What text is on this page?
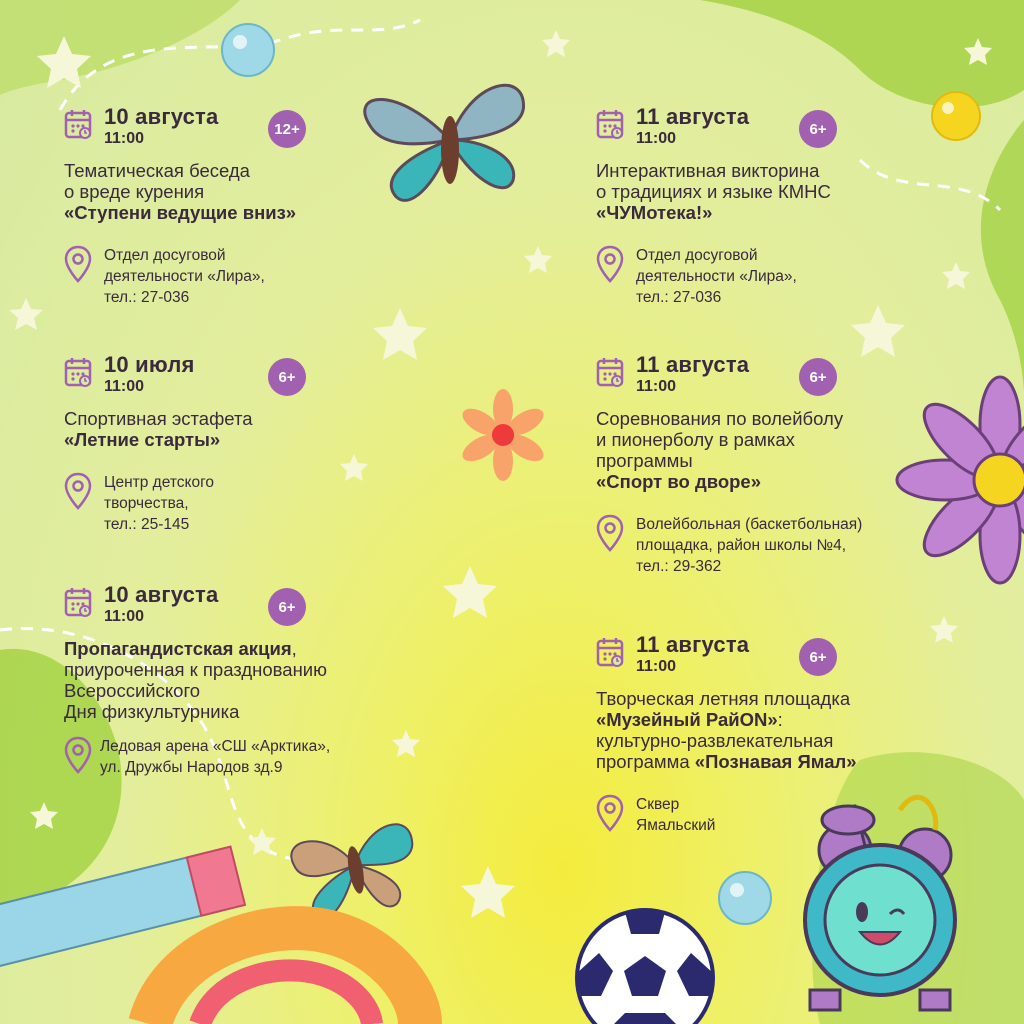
10 августа
11:00
12+
Тематическая беседа
о вреде курения
«Ступени ведущие вниз»
Отдел досуговой
деятельности «Лира»,
тел.: 27-036
10 июля
11:00
6+
Спортивная эстафета
«Летние старты»
Центр детского
творчества,
тел.: 25-145
10 августа
11:00
6+
Пропагандистская акция,
приуроченная к празднованию
Всероссийского
Дня физкультурника
Ледовая арена «СШ «Арктика»,
ул. Дружбы Народов зд.9
11 августа
11:00
6+
Интерактивная викторина
о традициях и языке КМНС
«ЧУМотека!»
Отдел досуговой
деятельности «Лира»,
тел.: 27-036
11 августа
11:00
6+
Соревнования по волейболу
и пионерболу в рамках
программы
«Спорт во дворе»
Волейбольная (баскетбольная)
площадка, район школы №4,
тел.: 29-362
11 августа
11:00
6+
Творческая летняя площадка
«Музейный РайON»:
культурно-развлекательная
программа «Познавая Ямал»
Сквер
Ямальский
